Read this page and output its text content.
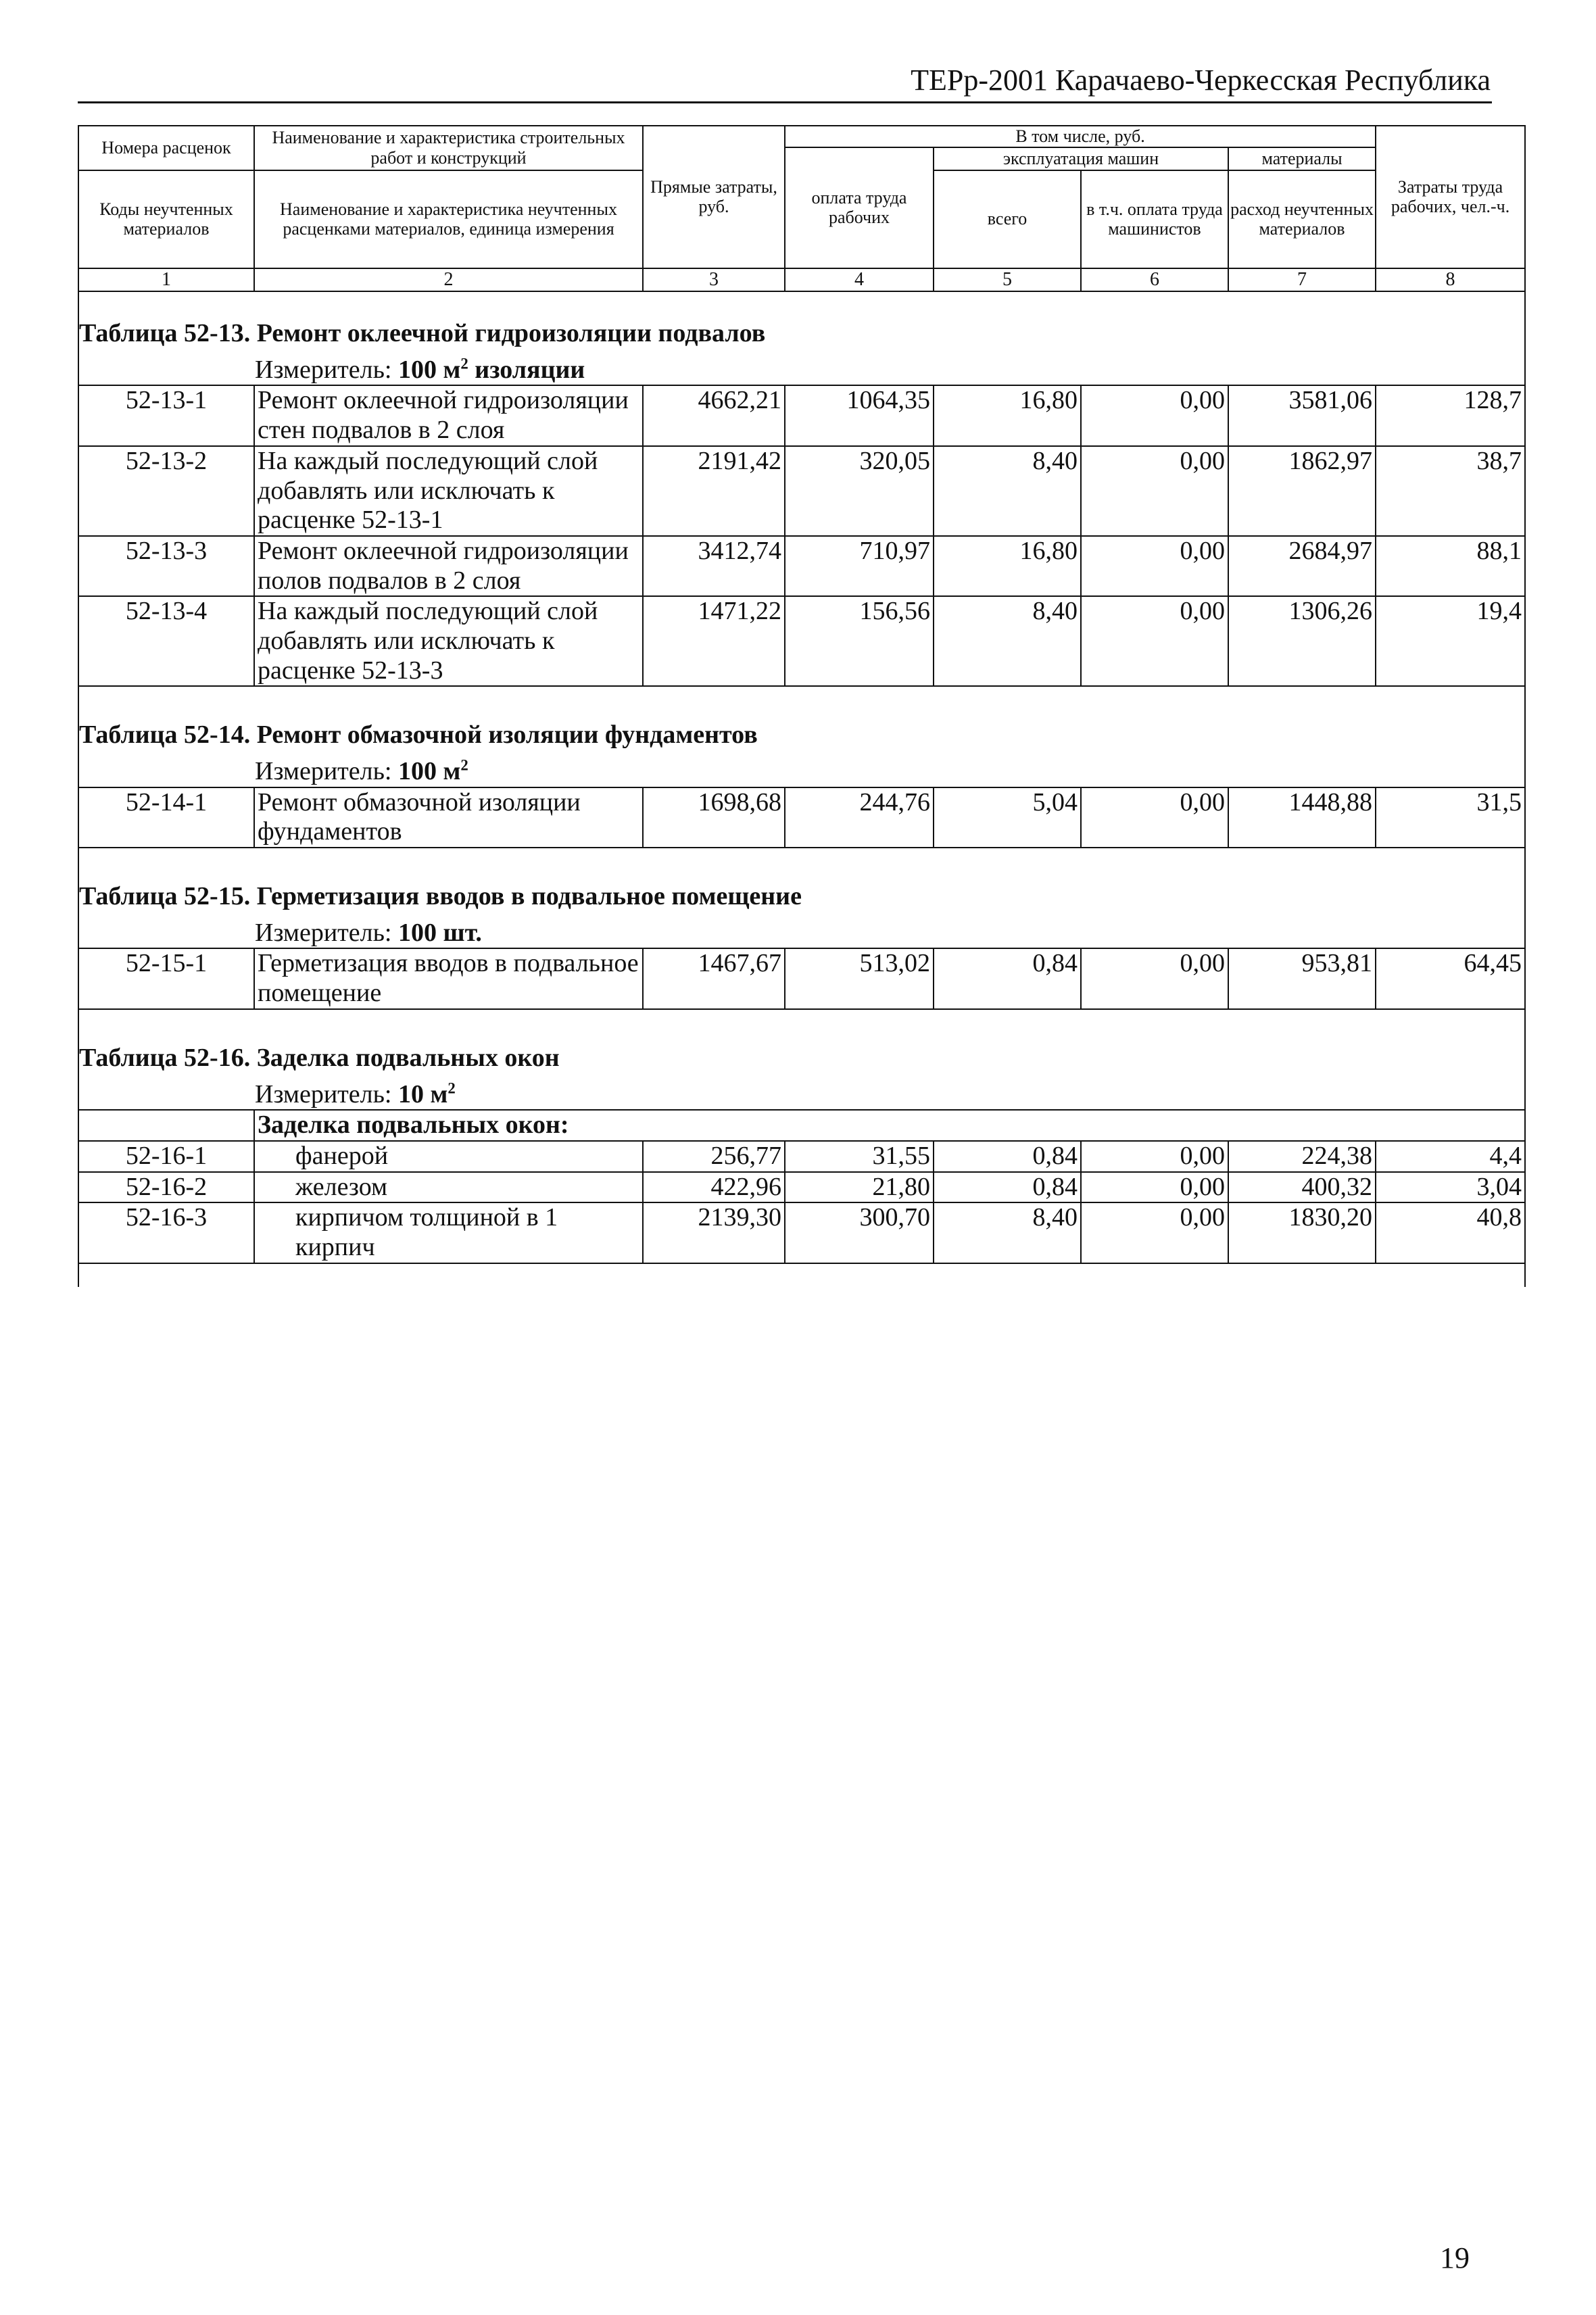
ТЕРр-2001 Карачаево-Черкесская Республика
Номера расценок	Наименование и характеристика строительных работ и конструкций	Прямые затраты, руб.	В том числе, руб.				Затраты труда рабочих, чел.-ч.
			оплата труда рабочих	эксплуатация машин		материалы	
Коды неучтенных материалов	Наименование и характеристика неучтенных расценками материалов, единица измерения			всего	в т.ч. оплата труда машинистов	расход неучтенных материалов	

1	2	3	4	5	6	7	8
Таблица 52-13. Ремонт оклеечной гидроизоляции подвалов							
Измеритель: 100 $м^2$ изоляции							
52-13-1	Ремонт оклеечной гидроизоляции стен подвалов в 2 слоя	4662,21	1064,35	16,80	0,00	3581,06	128,7
52-13-2	На каждый последующий слой добавлять или исключать к расценке 52-13-1	2191,42	320,05	8,40	0,00	1862,97	38,7
52-13-3	Ремонт оклеечной гидроизоляции полов подвалов в 2 слоя	3412,74	710,97	16,80	0,00	2684,97	88,1
52-13-4	На каждый последующий слой добавлять или исключать к расценке 52-13-3	1471,22	156,56	8,40	0,00	1306,26	19,4
Таблица 52-14. Ремонт обмазочной изоляции фундаментов							
Измеритель: 100 $м^2$
52-14-1	Ремонт обмазочной изоляции фундаментов	1698,68	244,76	5,04	0,00	1448,88	31,5
Таблица 52-15. Герметизация вводов в подвальное помещение							
Измеритель: 100 шт.							
52-15-1	Герметизация вводов в подвальное помещение	1467,67	513,02	0,84	0,00	953,81	64,45
Таблица 52-16. Заделка подвальных окон							
Измеритель: 10 $м^2$
	Заделка подвальных окон:						
52-16-1	фанерой	256,77	31,55	0,84	0,00	224,38	4,4
52-16-2	железом	422,96	21,80	0,84	0,00	400,32	3,04
52-16-3	кирпичом толщиной в 1 кирпич	2139,30	300,70	8,40	0,00	1830,20	40,8

19
